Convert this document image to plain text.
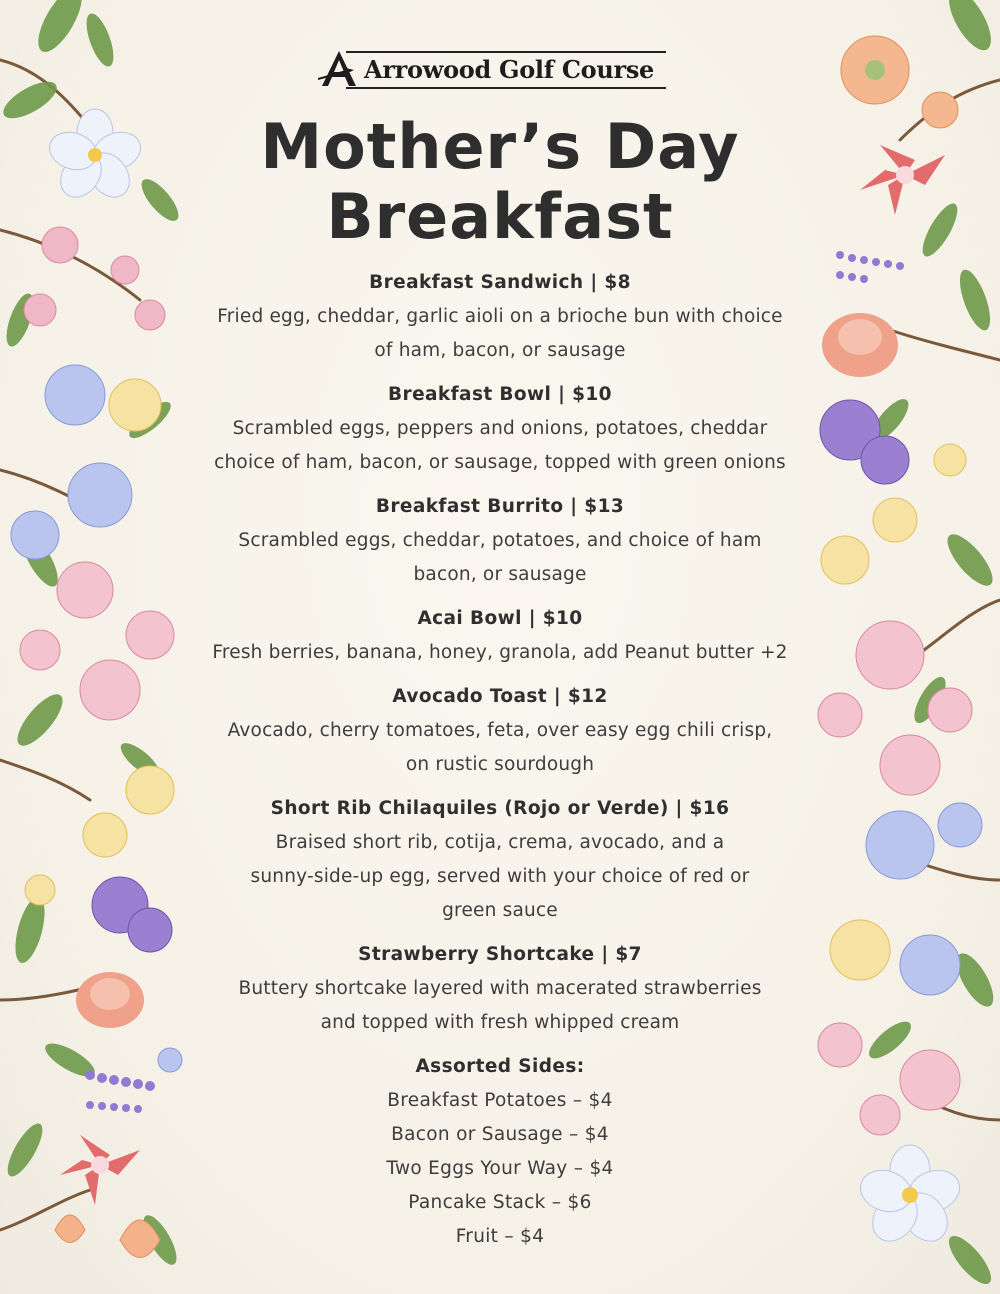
Arrowood Golf Course
Mother’s Day
Breakfast
Breakfast Sandwich | $8
Fried egg, cheddar, garlic aioli on a brioche bun with choice
of ham, bacon, or sausage
Breakfast Bowl | $10
Scrambled eggs, peppers and onions, potatoes, cheddar
choice of ham, bacon, or sausage, topped with green onions
Breakfast Burrito | $13
Scrambled eggs, cheddar, potatoes, and choice of ham
bacon, or sausage
Acai Bowl | $10
Fresh berries, banana, honey, granola, add Peanut butter +2
Avocado Toast | $12
Avocado, cherry tomatoes, feta, over easy egg chili crisp,
on rustic sourdough
Short Rib Chilaquiles (Rojo or Verde) | $16
Braised short rib, cotija, crema, avocado, and a
sunny-side-up egg, served with your choice of red or
green sauce
Strawberry Shortcake | $7
Buttery shortcake layered with macerated strawberries
and topped with fresh whipped cream
Assorted Sides:
Breakfast Potatoes – $4
Bacon or Sausage – $4
Two Eggs Your Way – $4
Pancake Stack – $6
Fruit – $4
